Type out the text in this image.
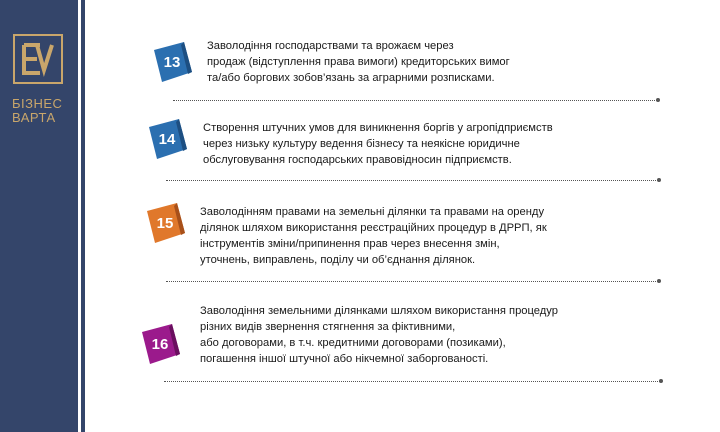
БІЗНЕС
ВАРТА
13
Заволодіння господарствами та врожаєм через
продаж (відступлення права вимоги) кредиторських вимог
та/або боргових зобов’язань за аграрними розписками.
14
Створення штучних умов для виникнення боргів у агропідприємств
через низьку культуру ведення бізнесу та неякісне юридичне
обслуговування господарських правовідносин підприємств.
15
Заволодінням правами на земельні ділянки та правами на оренду
ділянок шляхом використання реєстраційних процедур в ДРРП, як
інструментів зміни/припинення прав через внесення змін,
уточнень, виправлень, поділу чи об’єднання ділянок.
16
Заволодіння земельними ділянками шляхом використання процедур
різних видів звернення стягнення за фіктивними,
або договорами, в т.ч. кредитними договорами (позиками),
погашення іншої штучної або нікчемної заборгованості.
